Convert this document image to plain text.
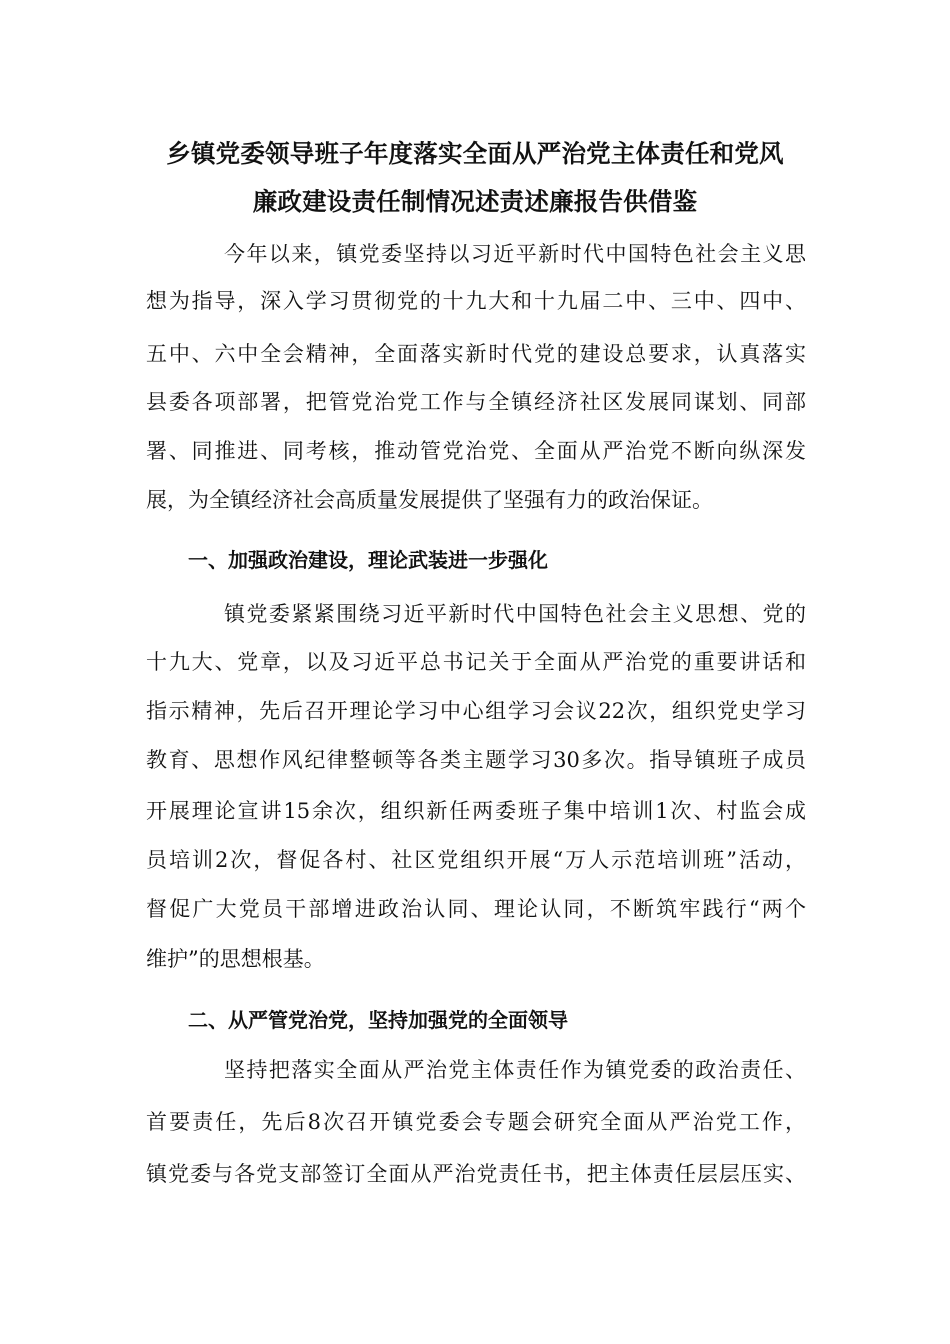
乡镇党委领导班子年度落实全面从严治党主体责任和党风
廉政建设责任制情况述责述廉报告供借鉴
今年以来，镇党委坚持以习近平新时代中国特色社会主义思
想为指导，深入学习贯彻党的十九大和十九届二中、三中、四中、
五中、六中全会精神，全面落实新时代党的建设总要求，认真落实
县委各项部署，把管党治党工作与全镇经济社区发展同谋划、同部
署、同推进、同考核，推动管党治党、全面从严治党不断向纵深发
展，为全镇经济社会高质量发展提供了坚强有力的政治保证。
一、加强政治建设，理论武装进一步强化
镇党委紧紧围绕习近平新时代中国特色社会主义思想、党的
十九大、党章，以及习近平总书记关于全面从严治党的重要讲话和
指示精神，先后召开理论学习中心组学习会议22次，组织党史学习
教育、思想作风纪律整顿等各类主题学习30多次。指导镇班子成员
开展理论宣讲15余次，组织新任两委班子集中培训1次、村监会成
员培训2次，督促各村、社区党组织开展“万人示范培训班”活动，
督促广大党员干部增进政治认同、理论认同，不断筑牢践行“两个
维护”的思想根基。
二、从严管党治党，坚持加强党的全面领导
坚持把落实全面从严治党主体责任作为镇党委的政治责任、
首要责任，先后8次召开镇党委会专题会研究全面从严治党工作，
镇党委与各党支部签订全面从严治党责任书，把主体责任层层压实、
